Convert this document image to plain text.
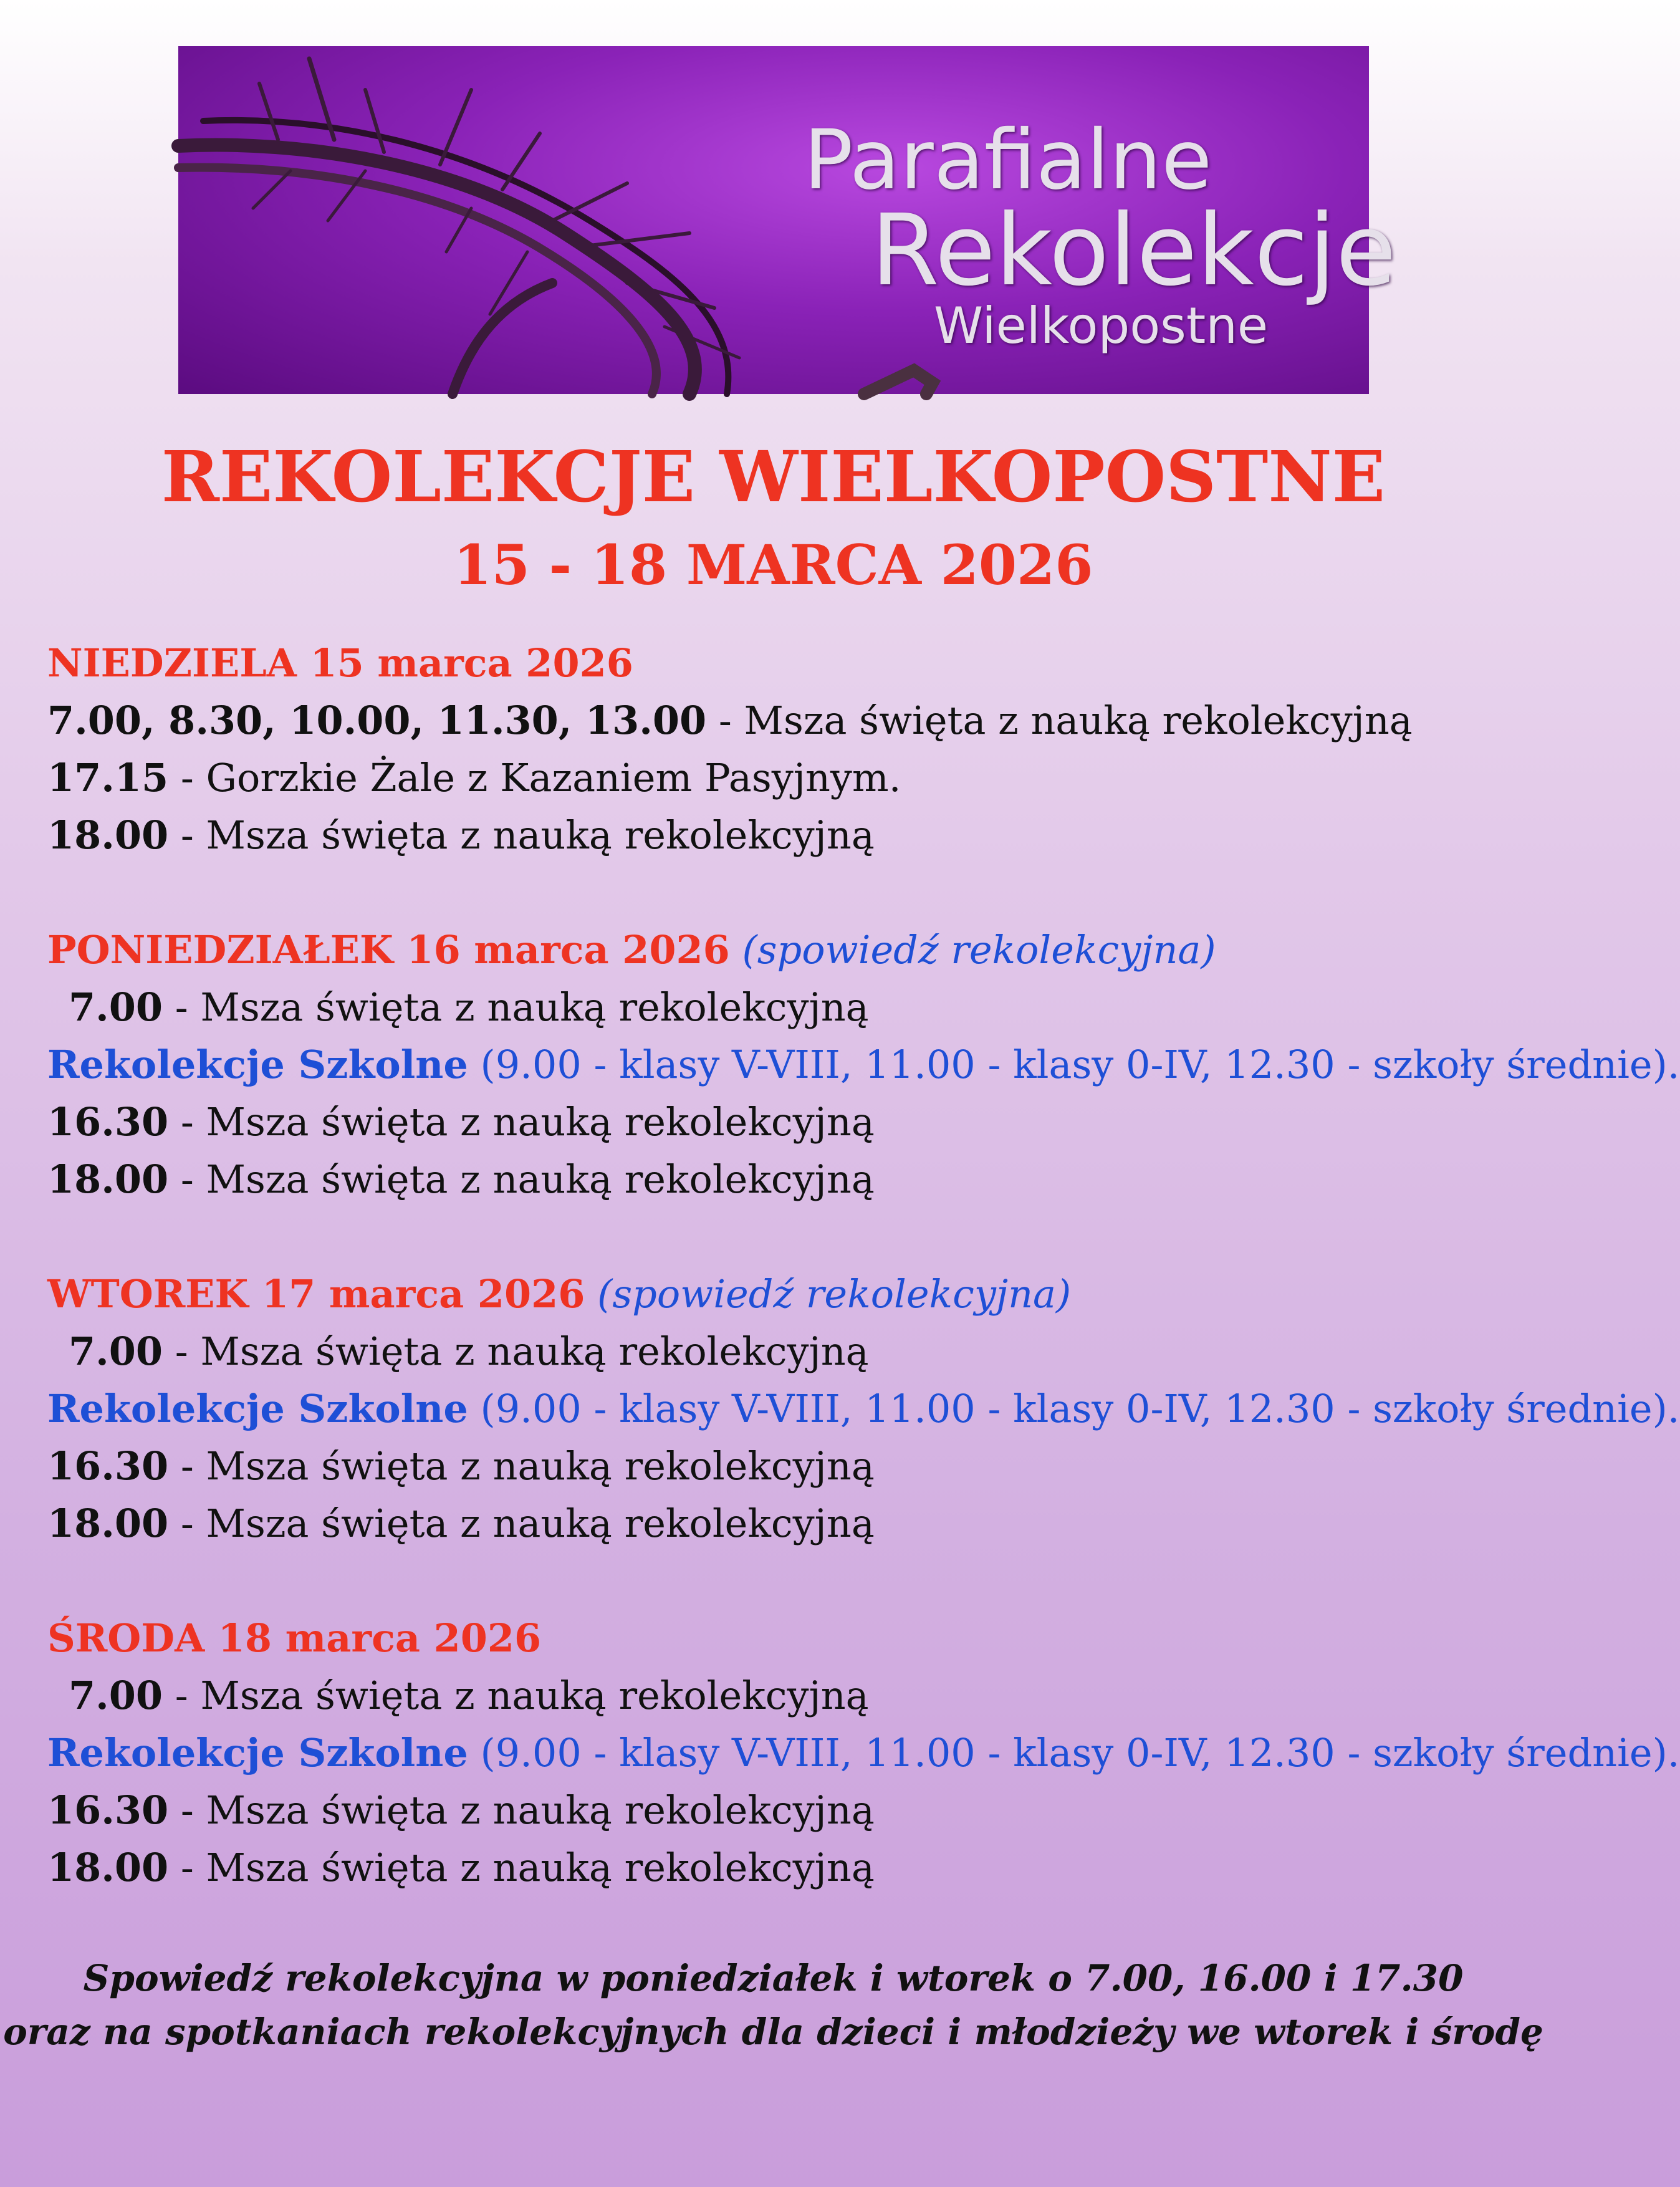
Parafialne
Rekolekcje
Wielkopostne
REKOLEKCJE WIELKOPOSTNE
15 - 18 MARCA 2026
NIEDZIELA 15 marca 2026
7.00, 8.30, 10.00, 11.30, 13.00 - Msza święta z nauką rekolekcyjną
17.15 - Gorzkie Żale z Kazaniem Pasyjnym.
18.00 - Msza święta z nauką rekolekcyjną
PONIEDZIAŁEK 16 marca 2026 (spowiedź rekolekcyjna)
7.00 - Msza święta z nauką rekolekcyjną
Rekolekcje Szkolne (9.00 - klasy V-VIII, 11.00 - klasy 0-IV, 12.30 - szkoły średnie).
16.30 - Msza święta z nauką rekolekcyjną
18.00 - Msza święta z nauką rekolekcyjną
WTOREK 17 marca 2026 (spowiedź rekolekcyjna)
7.00 - Msza święta z nauką rekolekcyjną
Rekolekcje Szkolne (9.00 - klasy V-VIII, 11.00 - klasy 0-IV, 12.30 - szkoły średnie).
16.30 - Msza święta z nauką rekolekcyjną
18.00 - Msza święta z nauką rekolekcyjną
ŚRODA 18 marca 2026
7.00 - Msza święta z nauką rekolekcyjną
Rekolekcje Szkolne (9.00 - klasy V-VIII, 11.00 - klasy 0-IV, 12.30 - szkoły średnie).
16.30 - Msza święta z nauką rekolekcyjną
18.00 - Msza święta z nauką rekolekcyjną
Spowiedź rekolekcyjna w poniedziałek i wtorek o 7.00, 16.00 i 17.30
oraz na spotkaniach rekolekcyjnych dla dzieci i młodzieży we wtorek i środę
